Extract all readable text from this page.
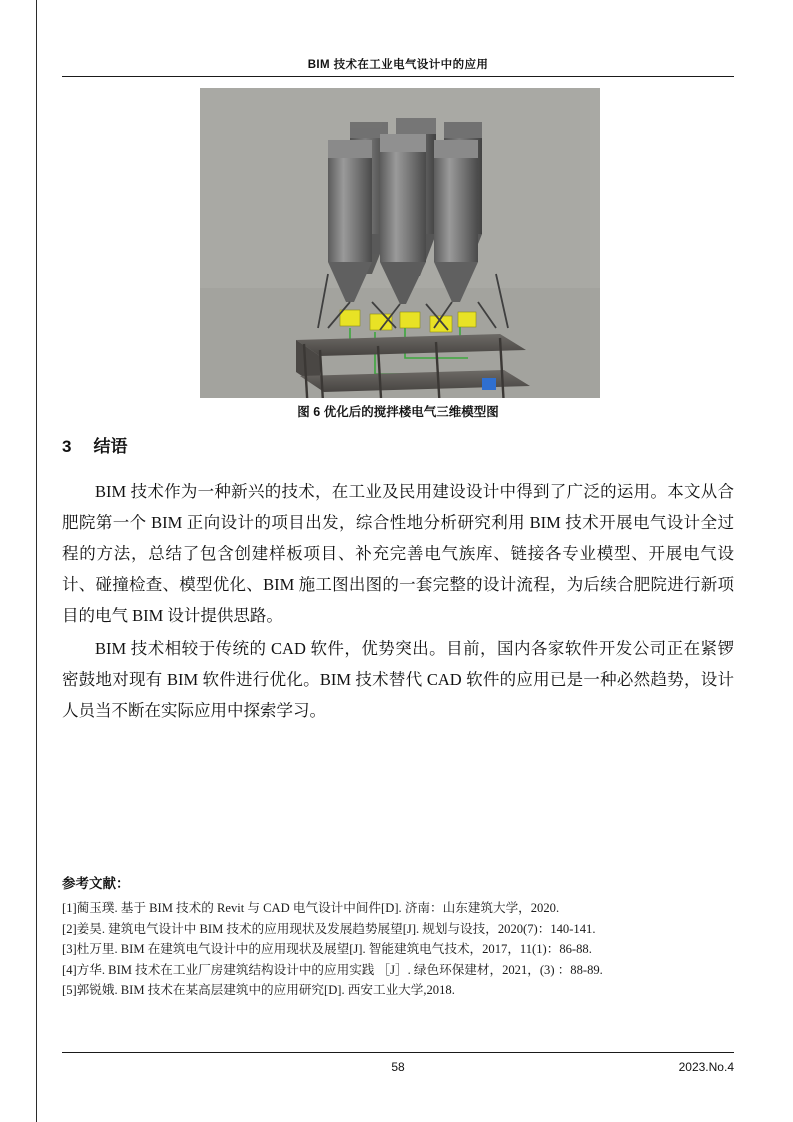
BIM 技术在工业电气设计中的应用
图 6 优化后的搅拌楼电气三维模型图
3 结语

BIM 技术作为一种新兴的技术，在工业及民用建设设计中得到了广泛的运用。本文从合肥院第一个 BIM 正向设计的项目出发，综合性地分析研究利用 BIM 技术开展电气设计全过程的方法，总结了包含创建样板项目、补充完善电气族库、链接各专业模型、开展电气设计、碰撞检查、模型优化、BIM 施工图出图的一套完整的设计流程，为后续合肥院进行新项目的电气 BIM 设计提供思路。

BIM 技术相较于传统的 CAD 软件，优势突出。目前，国内各家软件开发公司正在紧锣密鼓地对现有 BIM 软件进行优化。BIM 技术替代 CAD 软件的应用已是一种必然趋势，设计人员当不断在实际应用中探索学习。

参考文献：
[1]蔺玉璞. 基于 BIM 技术的 Revit 与 CAD 电气设计中间件[D]. 济南：山东建筑大学，2020.
[2]姜昊. 建筑电气设计中 BIM 技术的应用现状及发展趋势展望[J]. 规划与设技，2020(7)：140-141.
[3]杜万里. BIM 在建筑电气设计中的应用现状及展望[J]. 智能建筑电气技术，2017，11(1)：86-88.
[4]方华. BIM 技术在工业厂房建筑结构设计中的应用实践 ［J］. 绿色环保建材，2021，(3) ：88-89.
[5]郭锐娥. BIM 技术在某高层建筑中的应用研究[D]. 西安工业大学,2018.
58	2023.No.4
